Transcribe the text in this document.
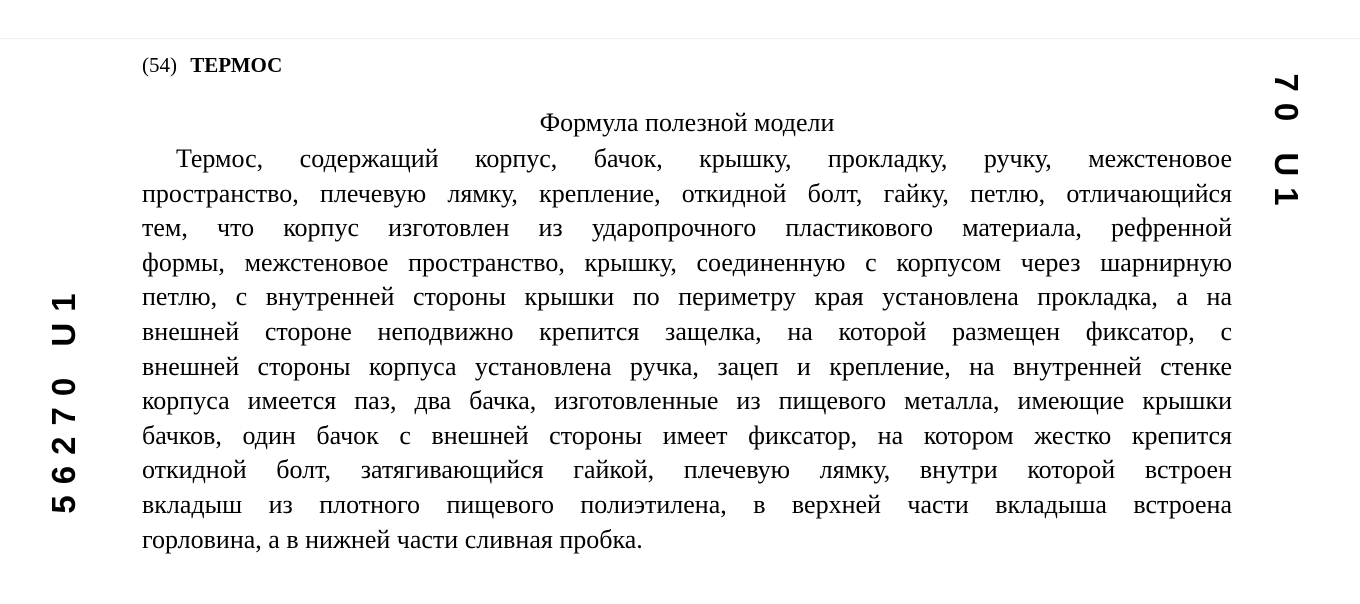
(54) ТЕРМОС
Формула полезной модели
Термос, содержащий корпус, бачок, крышку, прокладку, ручку, межстеновое
пространство, плечевую лямку, крепление, откидной болт, гайку, петлю, отличающийся
тем, что корпус изготовлен из ударопрочного пластикового материала, рефренной
формы, межстеновое пространство, крышку, соединенную с корпусом через шарнирную
петлю, с внутренней стороны крышки по периметру края установлена прокладка, а на
внешней стороне неподвижно крепится защелка, на которой размещен фиксатор, с
внешней стороны корпуса установлена ручка, зацеп и крепление, на внутренней стенке
корпуса имеется паз, два бачка, изготовленные из пищевого металла, имеющие крышки
бачков, один бачок с внешней стороны имеет фиксатор, на котором жестко крепится
откидной болт, затягивающийся гайкой, плечевую лямку, внутри которой встроен
вкладыш из плотного пищевого полиэтилена, в верхней части вкладыша встроена
горловина, а в нижней части сливная пробка.
56270 U1
70 U1
